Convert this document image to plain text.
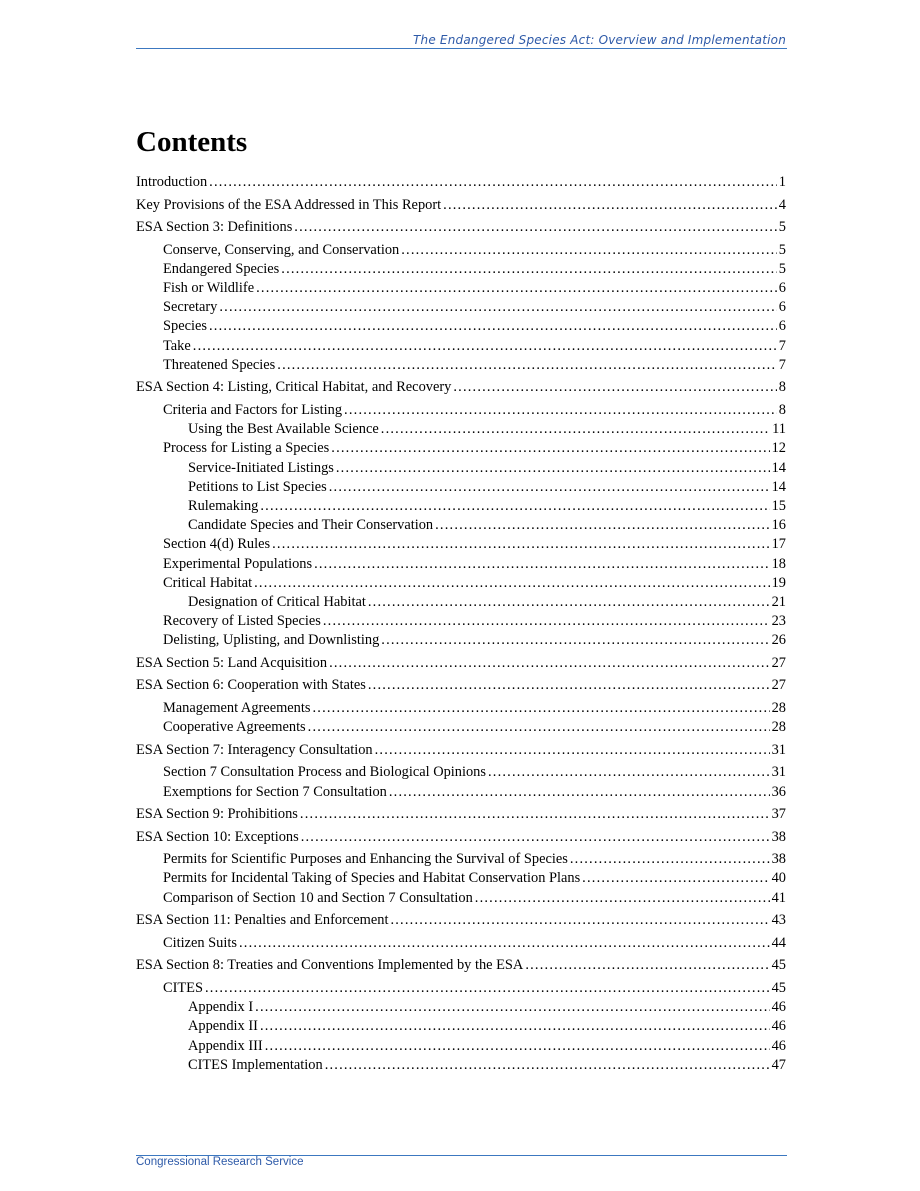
The Endangered Species Act: Overview and Implementation
Contents
Introduction .....	1
Key Provisions of the ESA Addressed in This Report .....	4
ESA Section 3: Definitions .....	5
Conserve, Conserving, and Conservation .....	5
Endangered Species .....	5
Fish or Wildlife .....	6
Secretary .....	6
Species .....	6
Take .....	7
Threatened Species .....	7
ESA Section 4: Listing, Critical Habitat, and Recovery .....	8
Criteria and Factors for Listing .....	8
Using the Best Available Science .....	11
Process for Listing a Species .....	12
Service-Initiated Listings .....	14
Petitions to List Species .....	14
Rulemaking .....	15
Candidate Species and Their Conservation .....	16
Section 4(d) Rules .....	17
Experimental Populations .....	18
Critical Habitat .....	19
Designation of Critical Habitat .....	21
Recovery of Listed Species .....	23
Delisting, Uplisting, and Downlisting .....	26
ESA Section 5: Land Acquisition .....	27
ESA Section 6: Cooperation with States .....	27
Management Agreements .....	28
Cooperative Agreements .....	28
ESA Section 7: Interagency Consultation .....	31
Section 7 Consultation Process and Biological Opinions .....	31
Exemptions for Section 7 Consultation .....	36
ESA Section 9: Prohibitions .....	37
ESA Section 10: Exceptions .....	38
Permits for Scientific Purposes and Enhancing the Survival of Species .....	38
Permits for Incidental Taking of Species and Habitat Conservation Plans .....	40
Comparison of Section 10 and Section 7 Consultation .....	41
ESA Section 11: Penalties and Enforcement .....	43
Citizen Suits .....	44
ESA Section 8: Treaties and Conventions Implemented by the ESA .....	45
CITES .....	45
Appendix I .....	46
Appendix II .....	46
Appendix III .....	46
CITES Implementation .....	47
Congressional Research Service
